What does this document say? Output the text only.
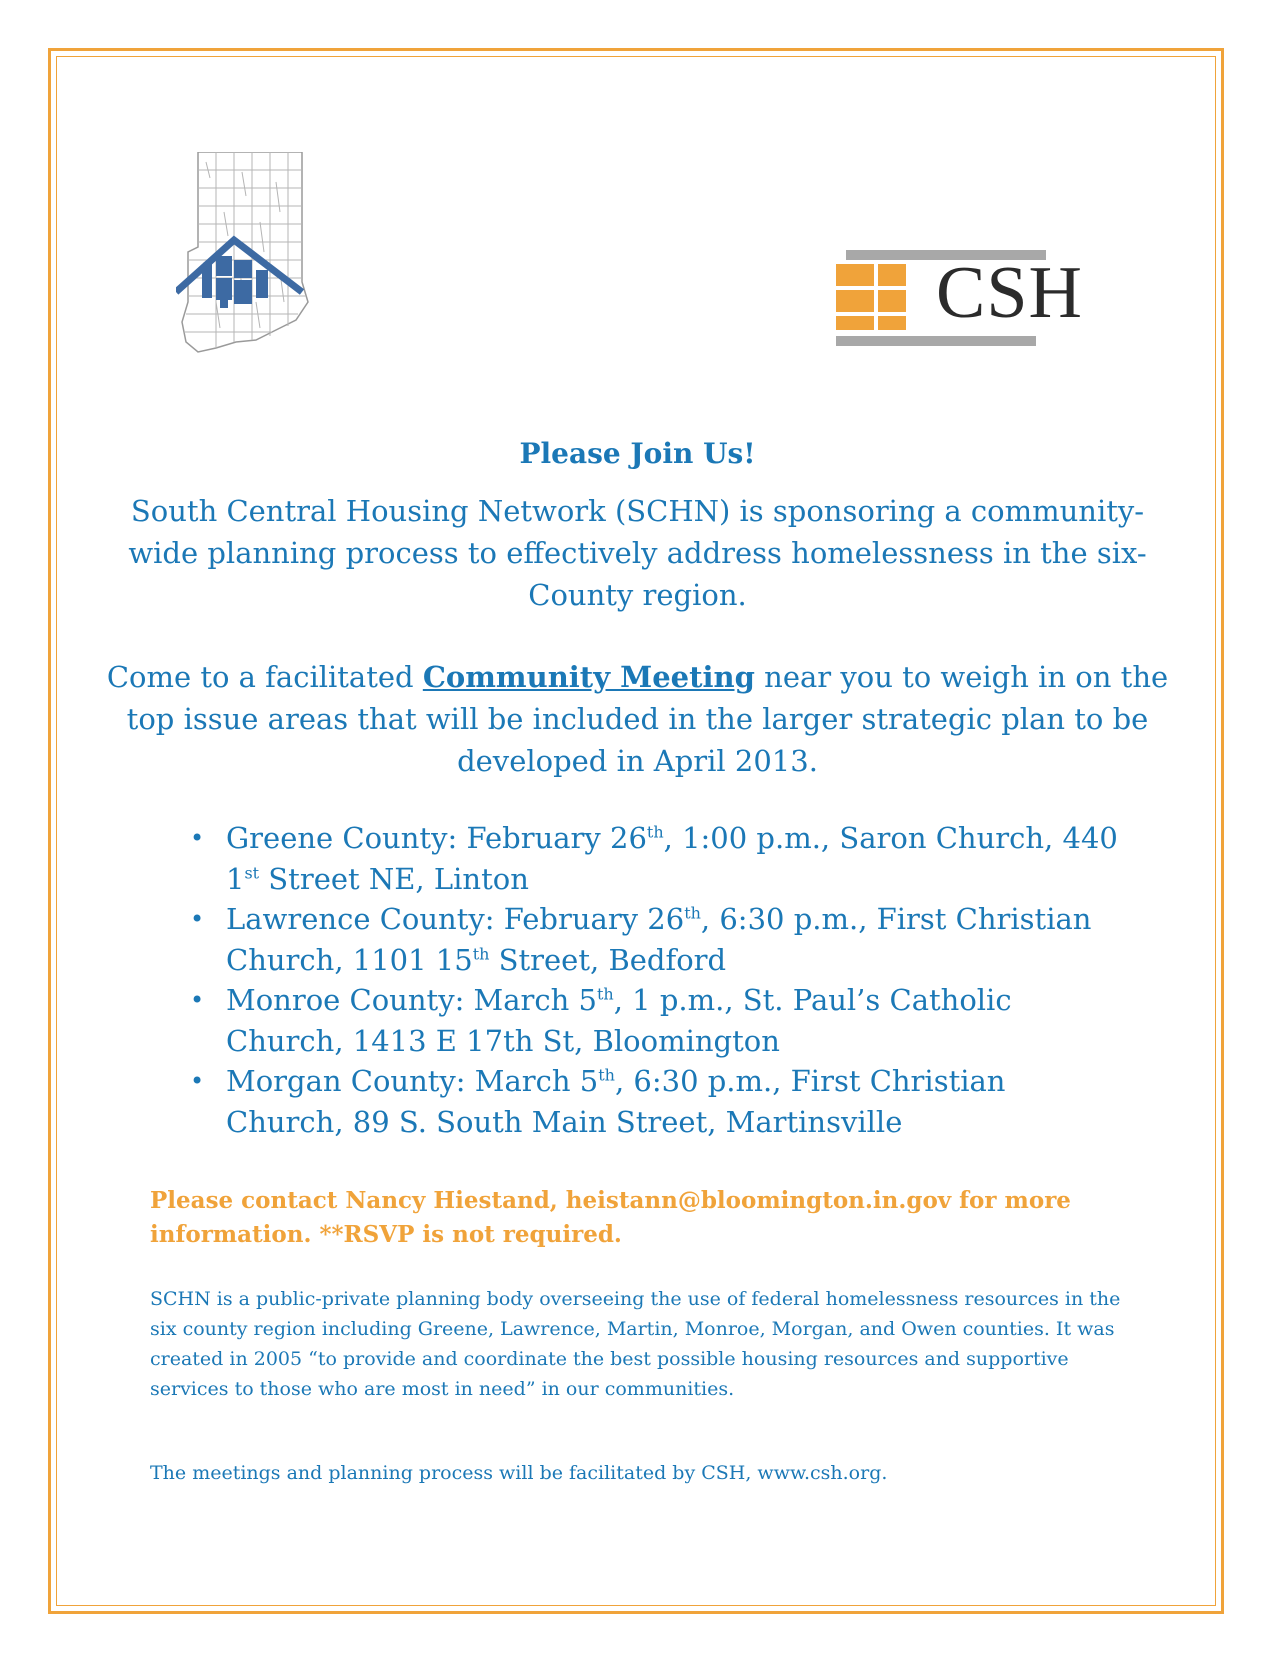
CSH
Please Join Us!
South Central Housing Network (SCHN) is sponsoring a community-wide planning process to effectively address homelessness in the six-County region.
Come to a facilitated Community Meeting near you to weigh in on the top issue areas that will be included in the larger strategic plan to be developed in April 2013.
• Greene County: February 26th, 1:00 p.m., Saron Church, 440 1st Street NE, Linton
• Lawrence County: February 26th, 6:30 p.m., First Christian Church, 1101 15th Street, Bedford
• Monroe County: March 5th, 1 p.m., St. Paul’s Catholic Church, 1413 E 17th St, Bloomington
• Morgan County: March 5th, 6:30 p.m., First Christian Church, 89 S. South Main Street, Martinsville
Please contact Nancy Hiestand, heistann@bloomington.in.gov for more information. **RSVP is not required.
SCHN is a public-private planning body overseeing the use of federal homelessness resources in the six county region including Greene, Lawrence, Martin, Monroe, Morgan, and Owen counties. It was created in 2005 “to provide and coordinate the best possible housing resources and supportive services to those who are most in need” in our communities.
The meetings and planning process will be facilitated by CSH, www.csh.org.
